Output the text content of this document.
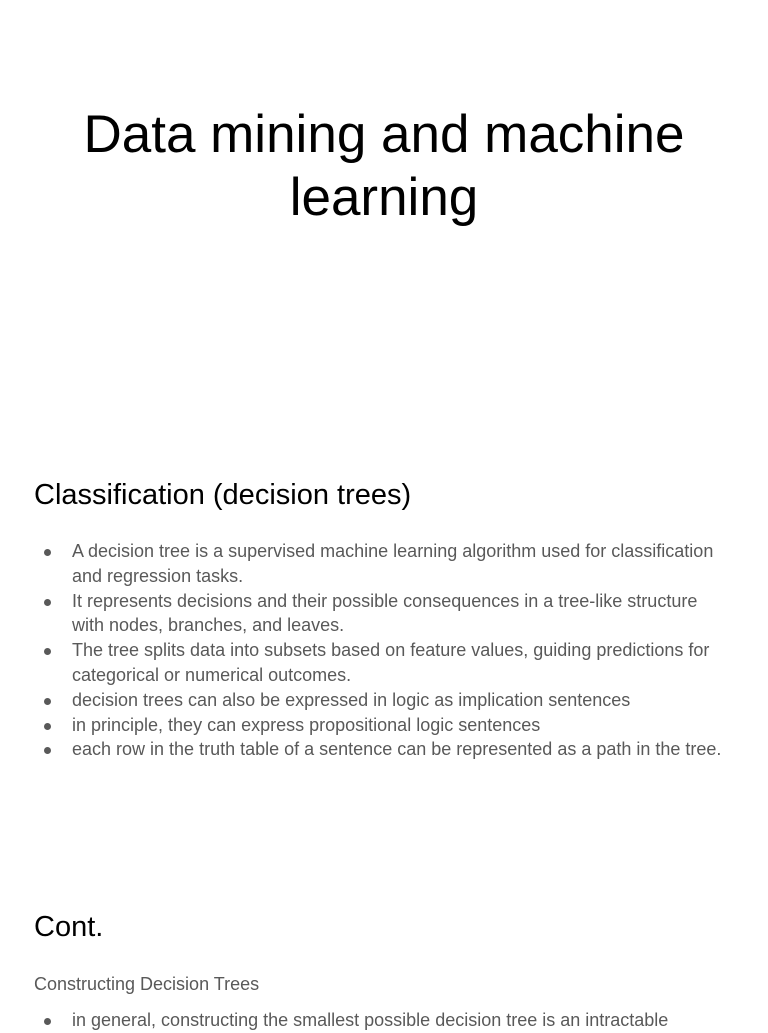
Data mining and machine learning
Classification (decision trees)
A decision tree is a supervised machine learning algorithm used for classification and regression tasks.
It represents decisions and their possible consequences in a tree-like structure with nodes, branches, and leaves.
The tree splits data into subsets based on feature values, guiding predictions for categorical or numerical outcomes.
decision trees can also be expressed in logic as implication sentences
in principle, they can express propositional logic sentences
each row in the truth table of a sentence can be represented as a path in the tree.
Cont.

Constructing Decision Trees

in general, constructing the smallest possible decision tree is an intractable
